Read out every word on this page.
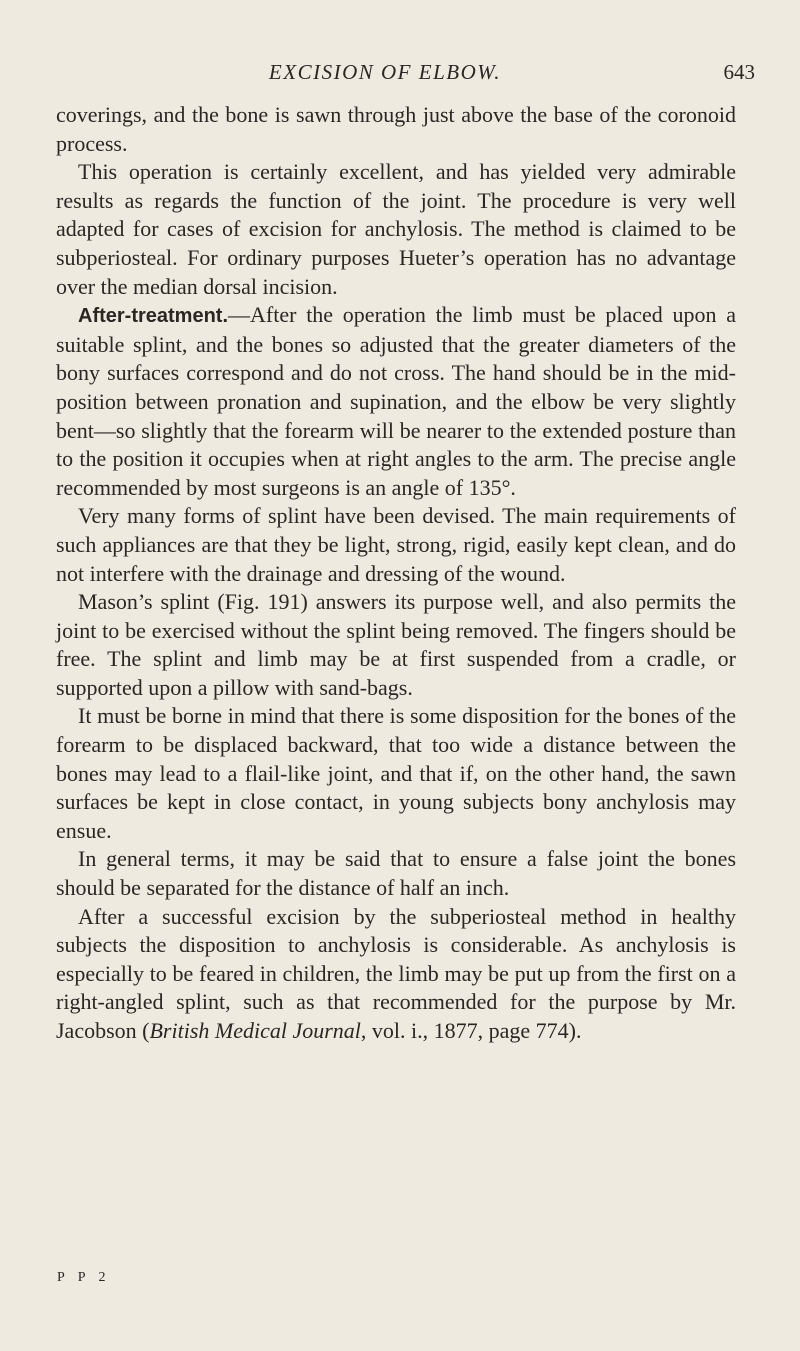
EXCISION OF ELBOW.	643

coverings, and the bone is sawn through just above the base of the coronoid process.

This operation is certainly excellent, and has yielded very admirable results as regards the function of the joint. The procedure is very well adapted for cases of excision for anchylosis. The method is claimed to be subperiosteal. For ordinary purposes Hueter’s operation has no advantage over the median dorsal incision.

After-treatment.—After the operation the limb must be placed upon a suitable splint, and the bones so adjusted that the greater diameters of the bony surfaces correspond and do not cross. The hand should be in the mid-position between pronation and supination, and the elbow be very slightly bent—so slightly that the forearm will be nearer to the extended posture than to the position it occupies when at right angles to the arm. The precise angle recommended by most surgeons is an angle of 135°.

Very many forms of splint have been devised. The main requirements of such appliances are that they be light, strong, rigid, easily kept clean, and do not interfere with the drainage and dressing of the wound.

Mason’s splint (Fig. 191) answers its purpose well, and also permits the joint to be exercised without the splint being removed. The fingers should be free. The splint and limb may be at first suspended from a cradle, or supported upon a pillow with sand-bags.

It must be borne in mind that there is some disposition for the bones of the forearm to be displaced backward, that too wide a distance between the bones may lead to a flail-like joint, and that if, on the other hand, the sawn surfaces be kept in close contact, in young subjects bony anchylosis may ensue.

In general terms, it may be said that to ensure a false joint the bones should be separated for the distance of half an inch.

After a successful excision by the subperiosteal method in healthy subjects the disposition to anchylosis is considerable. As anchylosis is especially to be feared in children, the limb may be put up from the first on a right-angled splint, such as that recommended for the purpose by Mr. Jacobson (British Medical Journal, vol. i., 1877, page 774).

P P 2
